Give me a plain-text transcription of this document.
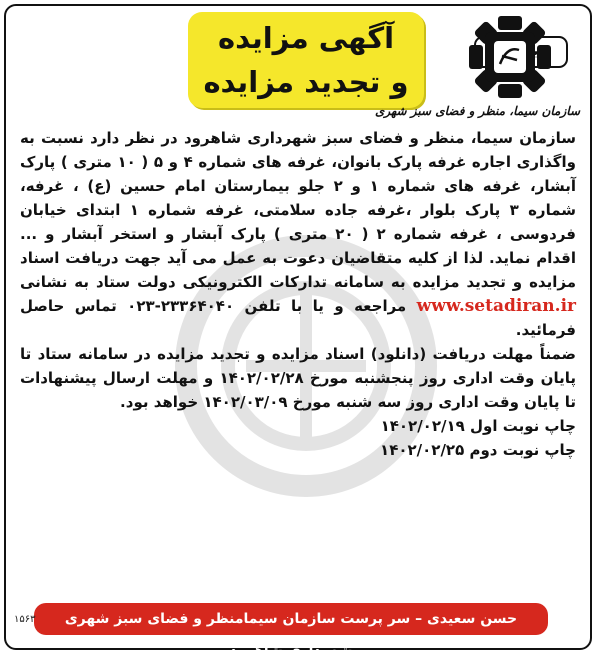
نوبت
آگهی مزایده
و تجدید مزایده
سازمان سیما، منظر و فضای سبز شهری

سازمان سیما، منظر و فضای سبز شهرداری شاهرود در نظر دارد نسبت به واگذاری اجاره غرفه پارک بانوان، غرفه های شماره ۴ و ۵ ( ۱۰ متری ) پارک آبشار، غرفه های شماره ۱ و ۲ جلو بیمارستان امام حسین (ع) ، غرفه، شماره ۳ پارک بلوار ،غرفه جاده سلامتی، غرفه شماره ۱ ابتدای خیابان فردوسی ، غرفه شماره ۲ ( ۲۰ متری ) پارک آبشار و استخر آبشار و ... اقدام نماید. لذا از کلیه متقاضیان دعوت به عمل می آید جهت دریافت اسناد مزایده و تجدید مزایده به سامانه تدارکات الکترونیکی دولت ستاد به نشانی www.setadiran.ir مراجعه و یا با تلفن ۲۳۳۶۴۰۴۰-۰۲۳ تماس حاصل فرمائید.

ضمناً مهلت دریافت (دانلود) اسناد مزایده و تجدید مزایده در سامانه ستاد تا پایان وقت اداری روز پنجشنبه مورخ ۱۴۰۲/۰۲/۲۸ و مهلت ارسال پیشنهادات تا پایان وقت اداری روز سه شنبه مورخ ۱۴۰۲/۰۳/۰۹ خواهد بود.

چاپ نوبت اول ۱۴۰۲/۰۲/۱۹

چاپ نوبت دوم ۱۴۰۲/۰۲/۲۵

حسن سعیدی – سر پرست سازمان سیمامنظر و فضای سبز شهری شهرداری شاهرود
۱۵۶۳
